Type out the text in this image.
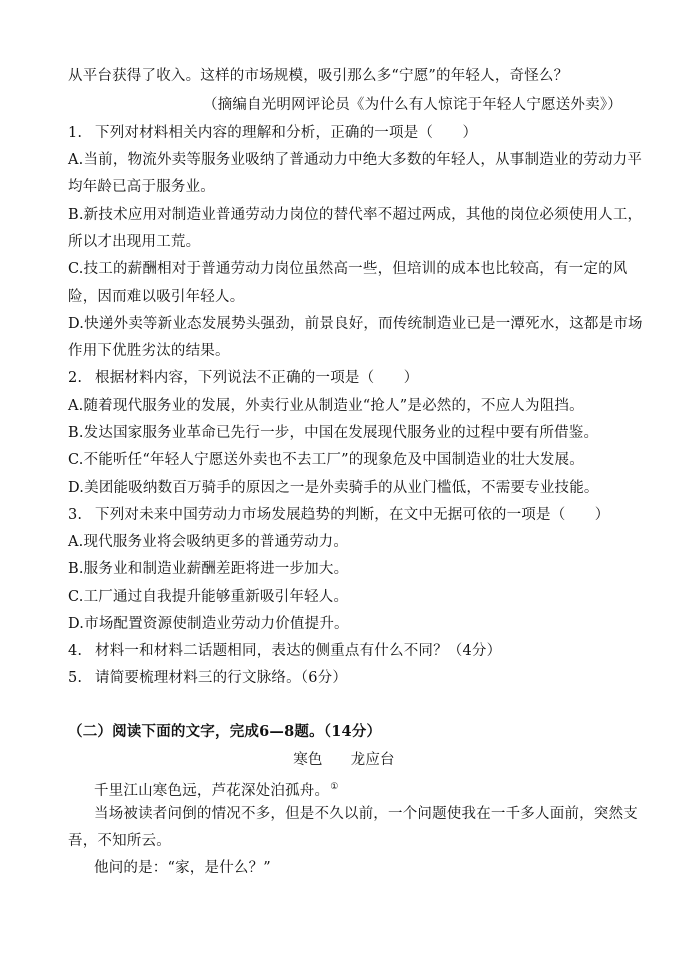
从平台获得了收入。这样的市场规模，吸引那么多“宁愿”的年轻人，奇怪么？
（摘编自光明网评论员《为什么有人惊诧于年轻人宁愿送外卖》）
1. 下列对材料相关内容的理解和分析，正确的一项是（　　）
A.当前，物流外卖等服务业吸纳了普通动力中绝大多数的年轻人，从事制造业的劳动力平
均年龄已高于服务业。
B.新技术应用对制造业普通劳动力岗位的替代率不超过两成，其他的岗位必须使用人工，
所以才出现用工荒。
C.技工的薪酬相对于普通劳动力岗位虽然高一些，但培训的成本也比较高，有一定的风
险，因而难以吸引年轻人。
D.快递外卖等新业态发展势头强劲，前景良好，而传统制造业已是一潭死水，这都是市场
作用下优胜劣汰的结果。
2. 根据材料内容，下列说法不正确的一项是（　　）
A.随着现代服务业的发展，外卖行业从制造业“抢人”是必然的，不应人为阻挡。
B.发达国家服务业革命已先行一步，中国在发展现代服务业的过程中要有所借鉴。
C.不能听任“年轻人宁愿送外卖也不去工厂”的现象危及中国制造业的壮大发展。
D.美团能吸纳数百万骑手的原因之一是外卖骑手的从业门槛低，不需要专业技能。
3. 下列对未来中国劳动力市场发展趋势的判断，在文中无据可依的一项是（　　）
A.现代服务业将会吸纳更多的普通劳动力。
B.服务业和制造业薪酬差距将进一步加大。
C.工厂通过自我提升能够重新吸引年轻人。
D.市场配置资源使制造业劳动力价值提升。
4. 材料一和材料二话题相同，表达的侧重点有什么不同？（4分）
5. 请简要梳理材料三的行文脉络。（6分）
（二）阅读下面的文字，完成6—8题。（14分）
寒色 龙应台
千里江山寒色远，芦花深处泊孤舟。①
当场被读者问倒的情况不多，但是不久以前，一个问题使我在一千多人面前，突然支
吾，不知所云。
他问的是：“家，是什么？”
